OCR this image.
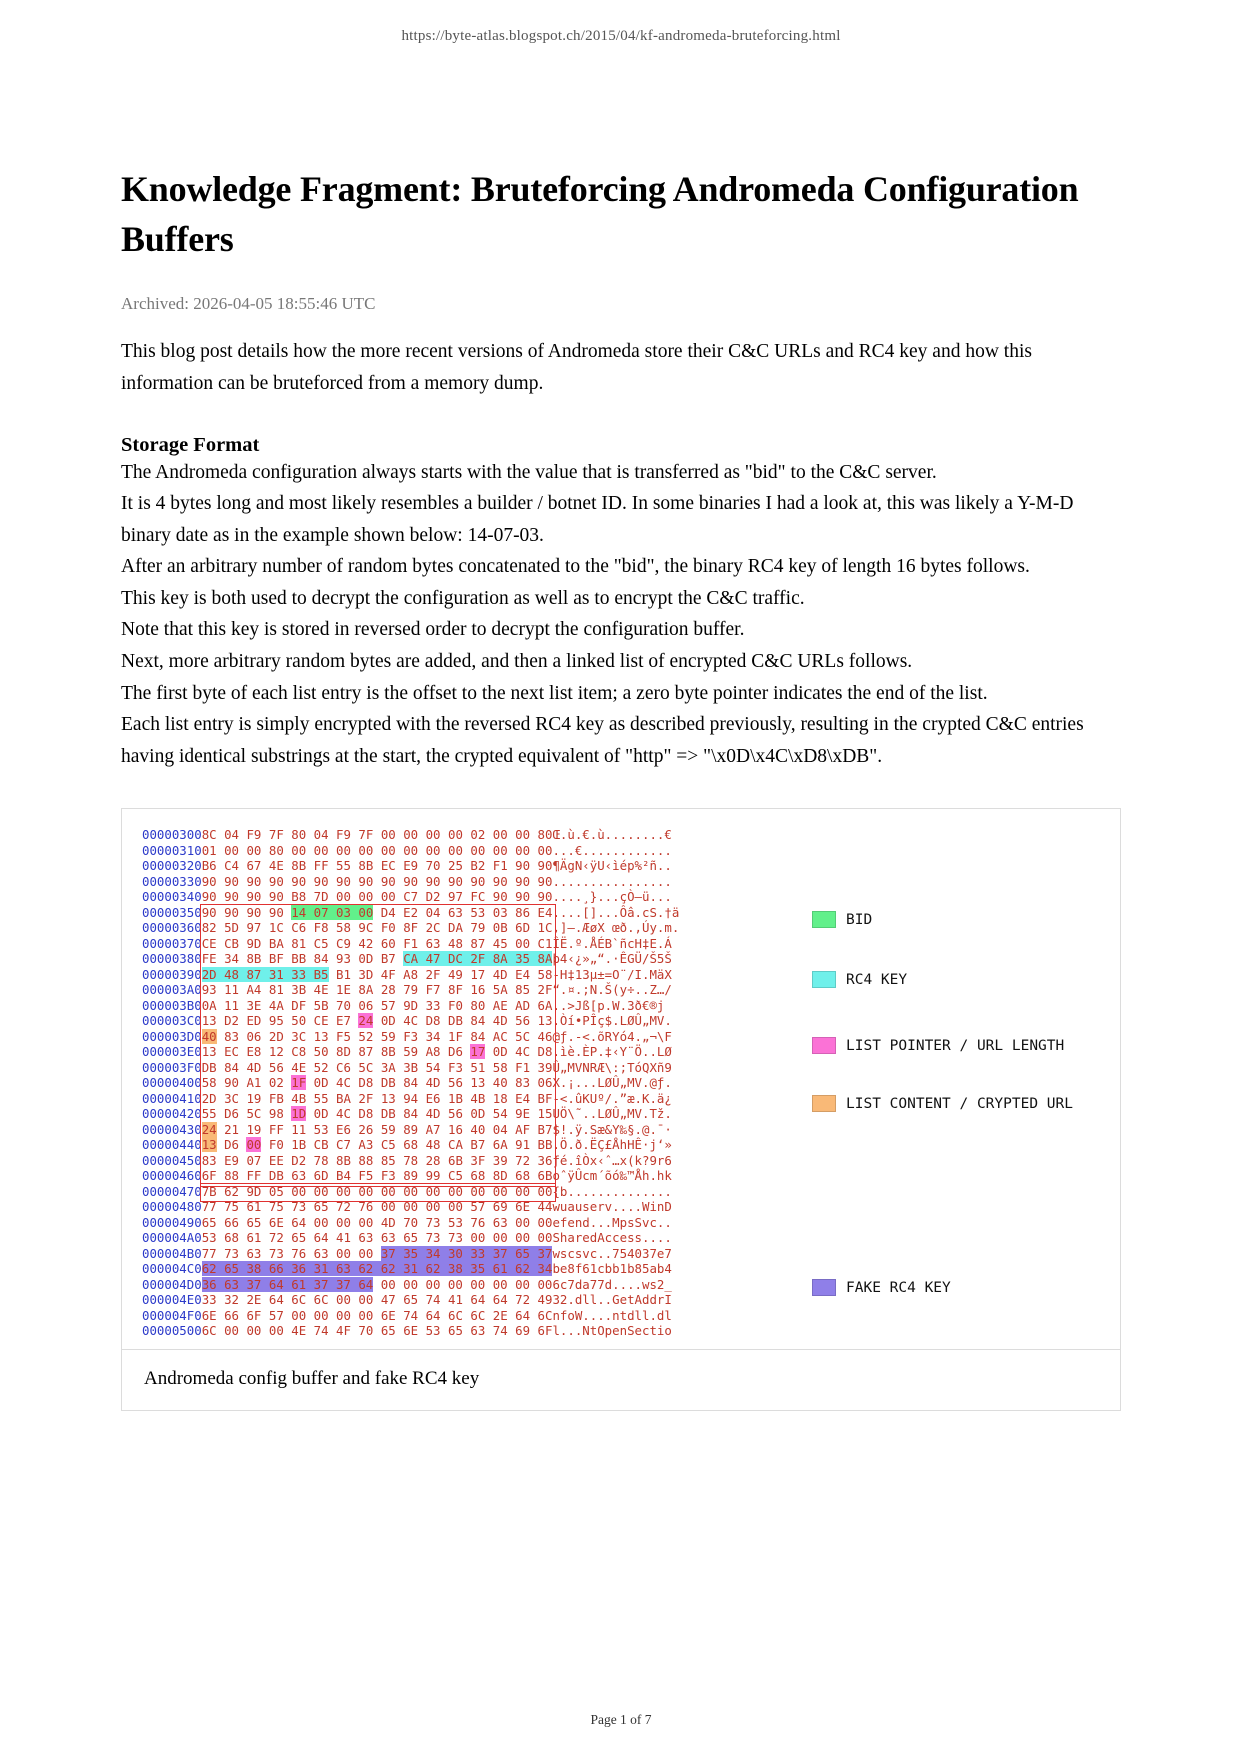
https://byte-atlas.blogspot.ch/2015/04/kf-andromeda-bruteforcing.html
Knowledge Fragment: Bruteforcing Andromeda Configuration Buffers
Archived: 2026-04-05 18:55:46 UTC

This blog post details how the more recent versions of Andromeda store their C&C URLs and RC4 key and how this information can be bruteforced from a memory dump.

Storage Format

The Andromeda configuration always starts with the value that is transferred as "bid" to the C&C server.

It is 4 bytes long and most likely resembles a builder / botnet ID. In some binaries I had a look at, this was likely a Y-M-D binary date as in the example shown below: 14-07-03.

After an arbitrary number of random bytes concatenated to the "bid", the binary RC4 key of length 16 bytes follows.

This key is both used to decrypt the configuration as well as to encrypt the C&C traffic.

Note that this key is stored in reversed order to decrypt the configuration buffer.

Next, more arbitrary random bytes are added, and then a linked list of encrypted C&C URLs follows.

The first byte of each list entry is the offset to the next list item; a zero byte pointer indicates the end of the list.

Each list entry is simply encrypted with the reversed RC4 key as described previously, resulting in the crypted C&C entries having identical substrings at the start, the crypted equivalent of "http" => "\x0D\x4C\xD8\xDB".

00000300	8C 04 F9 7F 80 04 F9 7F 00 00 00 00 02 00 00 80	Œ.ù.€.ù........€
00000310	01 00 00 80 00 00 00 00 00 00 00 00 00 00 00 00	...€............
00000320	B6 C4 67 4E 8B FF 55 8B EC E9 70 25 B2 F1 90 90	¶ÄgN‹ÿU‹ìép%²ñ..
00000330	90 90 90 90 90 90 90 90 90 90 90 90 90 90 90 90	................
00000340	90 90 90 90 B8 7D 00 00 00 C7 D2 97 FC 90 90 90	....¸}...çÒ—ü...
00000350	90 90 90 90 14 07 03 00 D4 E2 04 63 53 03 86 E4	....[]...Ôâ.cS.†ä
00000360	82 5D 97 1C C6 F8 58 9C F0 8F 2C DA 79 0B 6D 1C	‚]—.ÆøX œð.,Úy.m.
00000370	CE CB 9D BA 81 C5 C9 42 60 F1 63 48 87 45 00 C1	ÎË.º.ÅÉB`ñcH‡E.Á
00000380	FE 34 8B BF BB 84 93 0D B7 CA 47 DC 2F 8A 35 8A	þ4‹¿»„“.·ÊGÜ/Š5Š
00000390	2D 48 87 31 33 B5 B1 3D 4F A8 2F 49 17 4D E4 58	-H‡13µ±=O¨/I.MäX
000003A0	93 11 A4 81 3B 4E 1E 8A 28 79 F7 8F 16 5A 85 2F	“.¤.;N.Š(y÷..Z…/
000003B0	0A 11 3E 4A DF 5B 70 06 57 9D 33 F0 80 AE AD 6A	..>Jß[p.W.3ð€®j
000003C0	13 D2 ED 95 50 CE E7 24 0D 4C D8 DB 84 4D 56 13	.Òí•PÎç$.LØÛ„MV.
000003D0	40 83 06 2D 3C 13 F5 52 59 F3 34 1F 84 AC 5C 46	@ƒ.-<.õRYó4.„¬\F
000003E0	13 EC E8 12 C8 50 8D 87 8B 59 A8 D6 17 0D 4C D8	.ìè.ÈP.‡‹Y¨Ö..LØ
000003F0	DB 84 4D 56 4E 52 C6 5C 3A 3B 54 F3 51 58 F1 39	Û„MVNRÆ\:;TóQXñ9
00000400	58 90 A1 02 1F 0D 4C D8 DB 84 4D 56 13 40 83 06	X.¡...LØÛ„MV.@ƒ.
00000410	2D 3C 19 FB 4B 55 BA 2F 13 94 E6 1B 4B 18 E4 BF	-<.ûKUº/.”æ.K.ä¿
00000420	55 D6 5C 98 1D 0D 4C D8 DB 84 4D 56 0D 54 9E 15	UÖ\˜..LØÛ„MV.Tž.
00000430	24 21 19 FF 11 53 E6 26 59 89 A7 16 40 04 AF B7	$!.ÿ.Sæ&Y‰§.@.¯·
00000440	13 D6 00 F0 1B CB C7 A3 C5 68 48 CA B7 6A 91 BB	.Ö.ð.ËÇ£ÅhHÊ·j‘»
00000450	83 E9 07 EE D2 78 8B 88 85 78 28 6B 3F 39 72 36	ƒé.îÒx‹ˆ…x(k?9r6
00000460	6F 88 FF DB 63 6D B4 F5 F3 89 99 C5 68 8D 68 6B	oˆÿÛcm´õó‰™Åh.hk
00000470	7B 62 9D 05 00 00 00 00 00 00 00 00 00 00 00 00	{b..............
00000480	77 75 61 75 73 65 72 76 00 00 00 00 57 69 6E 44	wuauserv....WinD
00000490	65 66 65 6E 64 00 00 00 4D 70 73 53 76 63 00 00	efend...MpsSvc..
000004A0	53 68 61 72 65 64 41 63 63 65 73 73 00 00 00 00	SharedAccess....
000004B0	77 73 63 73 76 63 00 00 37 35 34 30 33 37 65 37	wscsvc..754037e7
000004C0	62 65 38 66 36 31 63 62 62 31 62 38 35 61 62 34	be8f61cbb1b85ab4
000004D0	36 63 37 64 61 37 37 64 00 00 00 00 00 00 00 00	6c7da77d....ws2_
000004E0	33 32 2E 64 6C 6C 00 00 47 65 74 41 64 64 72 49	32.dll..GetAddrI
000004F0	6E 66 6F 57 00 00 00 00 6E 74 64 6C 6C 2E 64 6C	nfoW....ntdll.dl
00000500	6C 00 00 00 4E 74 4F 70 65 6E 53 65 63 74 69 6F	l...NtOpenSectio
BID
RC4 KEY
LIST POINTER / URL LENGTH
LIST CONTENT / CRYPTED URL
FAKE RC4 KEY
Andromeda config buffer and fake RC4 key
Page 1 of 7
